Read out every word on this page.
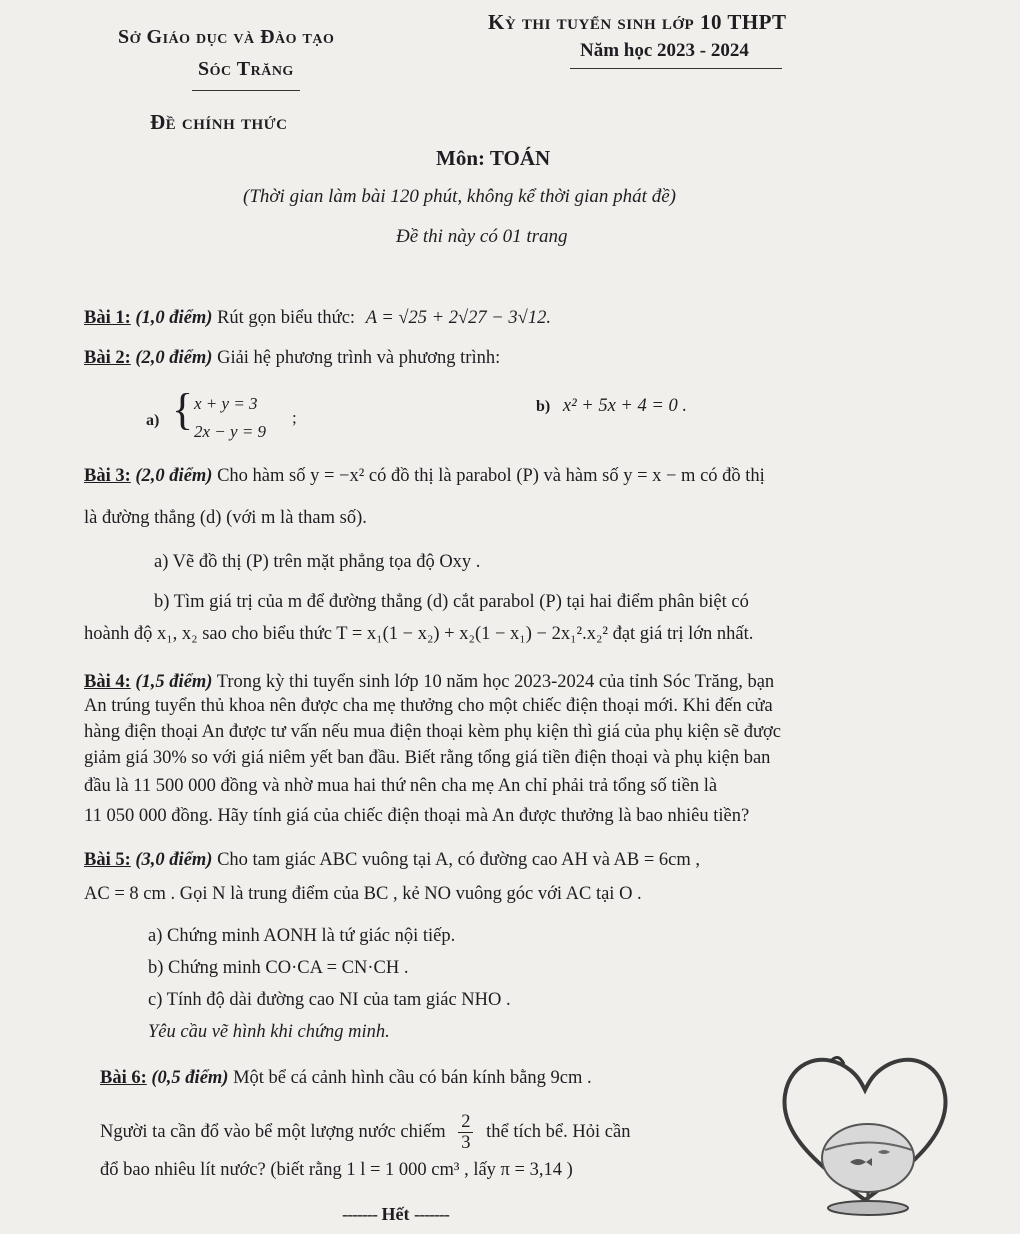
Sở Giáo dục và Đào tạo
Sóc Trăng
Kỳ thi tuyển sinh lớp 10 THPT
Năm học 2023 - 2024
Đề chính thức
Môn: TOÁN
(Thời gian làm bài 120 phút, không kể thời gian phát đề)
Đề thi này có 01 trang
Bài 1: (1,0 điểm) Rút gọn biểu thức: A = √25 + 2√27 − 3√12.
Bài 2: (2,0 điểm) Giải hệ phương trình và phương trình:
a) { x + y = 3
2x − y = 9
;
b) x² + 5x + 4 = 0 .
Bài 3: (2,0 điểm) Cho hàm số y = −x² có đồ thị là parabol (P) và hàm số y = x − m có đồ thị
là đường thẳng (d) (với m là tham số).
a) Vẽ đồ thị (P) trên mặt phẳng tọa độ Oxy .
b) Tìm giá trị của m để đường thẳng (d) cắt parabol (P) tại hai điểm phân biệt có
hoành độ x₁, x₂ sao cho biểu thức T = x₁(1 − x₂) + x₂(1 − x₁) − 2x₁².x₂² đạt giá trị lớn nhất.
Bài 4: (1,5 điểm) Trong kỳ thi tuyển sinh lớp 10 năm học 2023-2024 của tỉnh Sóc Trăng, bạn
An trúng tuyển thủ khoa nên được cha mẹ thưởng cho một chiếc điện thoại mới. Khi đến cửa
hàng điện thoại An được tư vấn nếu mua điện thoại kèm phụ kiện thì giá của phụ kiện sẽ được
giảm giá 30% so với giá niêm yết ban đầu. Biết rằng tổng giá tiền điện thoại và phụ kiện ban
đầu là 11 500 000 đồng và nhờ mua hai thứ nên cha mẹ An chỉ phải trả tổng số tiền là
11 050 000 đồng. Hãy tính giá của chiếc điện thoại mà An được thưởng là bao nhiêu tiền?
Bài 5: (3,0 điểm) Cho tam giác ABC vuông tại A, có đường cao AH và AB = 6cm ,
AC = 8 cm . Gọi N là trung điểm của BC , kẻ NO vuông góc với AC tại O .
a) Chứng minh AONH là tứ giác nội tiếp.
b) Chứng minh CO·CA = CN·CH .
c) Tính độ dài đường cao NI của tam giác NHO .
Yêu cầu vẽ hình khi chứng minh.
Bài 6: (0,5 điểm) Một bể cá cảnh hình cầu có bán kính bằng 9cm .
Người ta cần đổ vào bể một lượng nước chiếm $\frac{2}{3}$ thể tích bể. Hỏi cần
đổ bao nhiêu lít nước? (biết rằng 1 l = 1 000 cm³ , lấy π = 3,14 )
------- Hết -------
